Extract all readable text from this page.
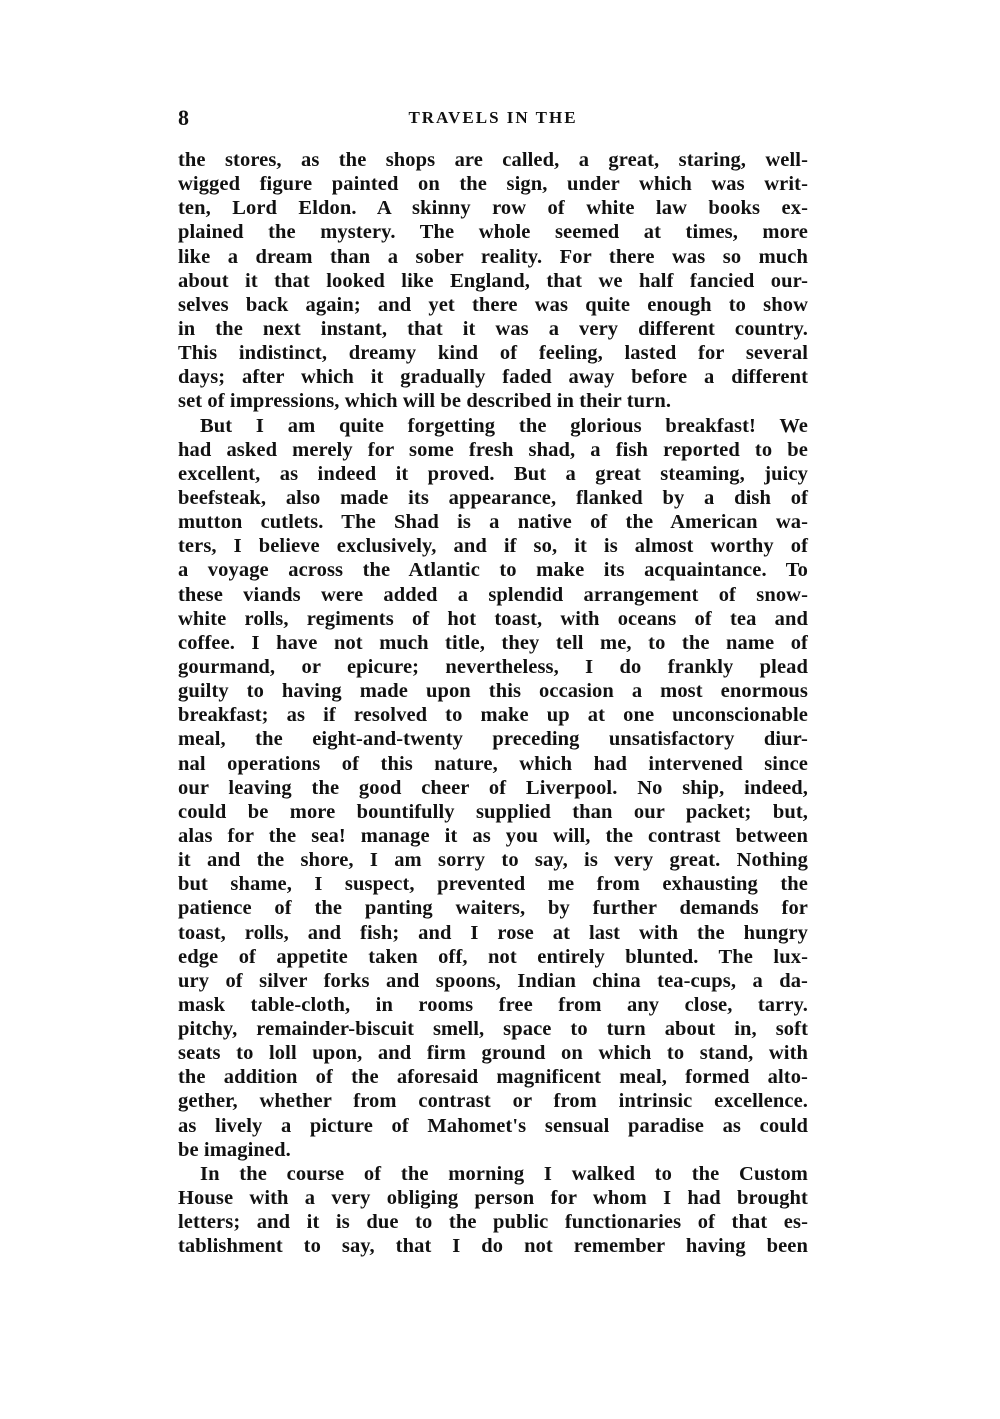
8	TRAVELS IN THE
the stores, as the shops are called, a great, staring, well-
wigged figure painted on the sign, under which was writ-
ten, Lord Eldon. A skinny row of white law books ex-
plained the mystery. The whole seemed at times, more
like a dream than a sober reality. For there was so much
about it that looked like England, that we half fancied our-
selves back again; and yet there was quite enough to show
in the next instant, that it was a very different country.
This indistinct, dreamy kind of feeling, lasted for several
days; after which it gradually faded away before a different
set of impressions, which will be described in their turn.
But I am quite forgetting the glorious breakfast! We
had asked merely for some fresh shad, a fish reported to be
excellent, as indeed it proved. But a great steaming, juicy
beefsteak, also made its appearance, flanked by a dish of
mutton cutlets. The Shad is a native of the American wa-
ters, I believe exclusively, and if so, it is almost worthy of
a voyage across the Atlantic to make its acquaintance. To
these viands were added a splendid arrangement of snow-
white rolls, regiments of hot toast, with oceans of tea and
coffee. I have not much title, they tell me, to the name of
gourmand, or epicure; nevertheless, I do frankly plead
guilty to having made upon this occasion a most enormous
breakfast; as if resolved to make up at one unconscionable
meal, the eight-and-twenty preceding unsatisfactory diur-
nal operations of this nature, which had intervened since
our leaving the good cheer of Liverpool. No ship, indeed,
could be more bountifully supplied than our packet; but,
alas for the sea! manage it as you will, the contrast between
it and the shore, I am sorry to say, is very great. Nothing
but shame, I suspect, prevented me from exhausting the
patience of the panting waiters, by further demands for
toast, rolls, and fish; and I rose at last with the hungry
edge of appetite taken off, not entirely blunted. The lux-
ury of silver forks and spoons, Indian china tea-cups, a da-
mask table-cloth, in rooms free from any close, tarry.
pitchy, remainder-biscuit smell, space to turn about in, soft
seats to loll upon, and firm ground on which to stand, with
the addition of the aforesaid magnificent meal, formed alto-
gether, whether from contrast or from intrinsic excellence.
as lively a picture of Mahomet's sensual paradise as could
be imagined.
In the course of the morning I walked to the Custom
House with a very obliging person for whom I had brought
letters; and it is due to the public functionaries of that es-
tablishment to say, that I do not remember having been
